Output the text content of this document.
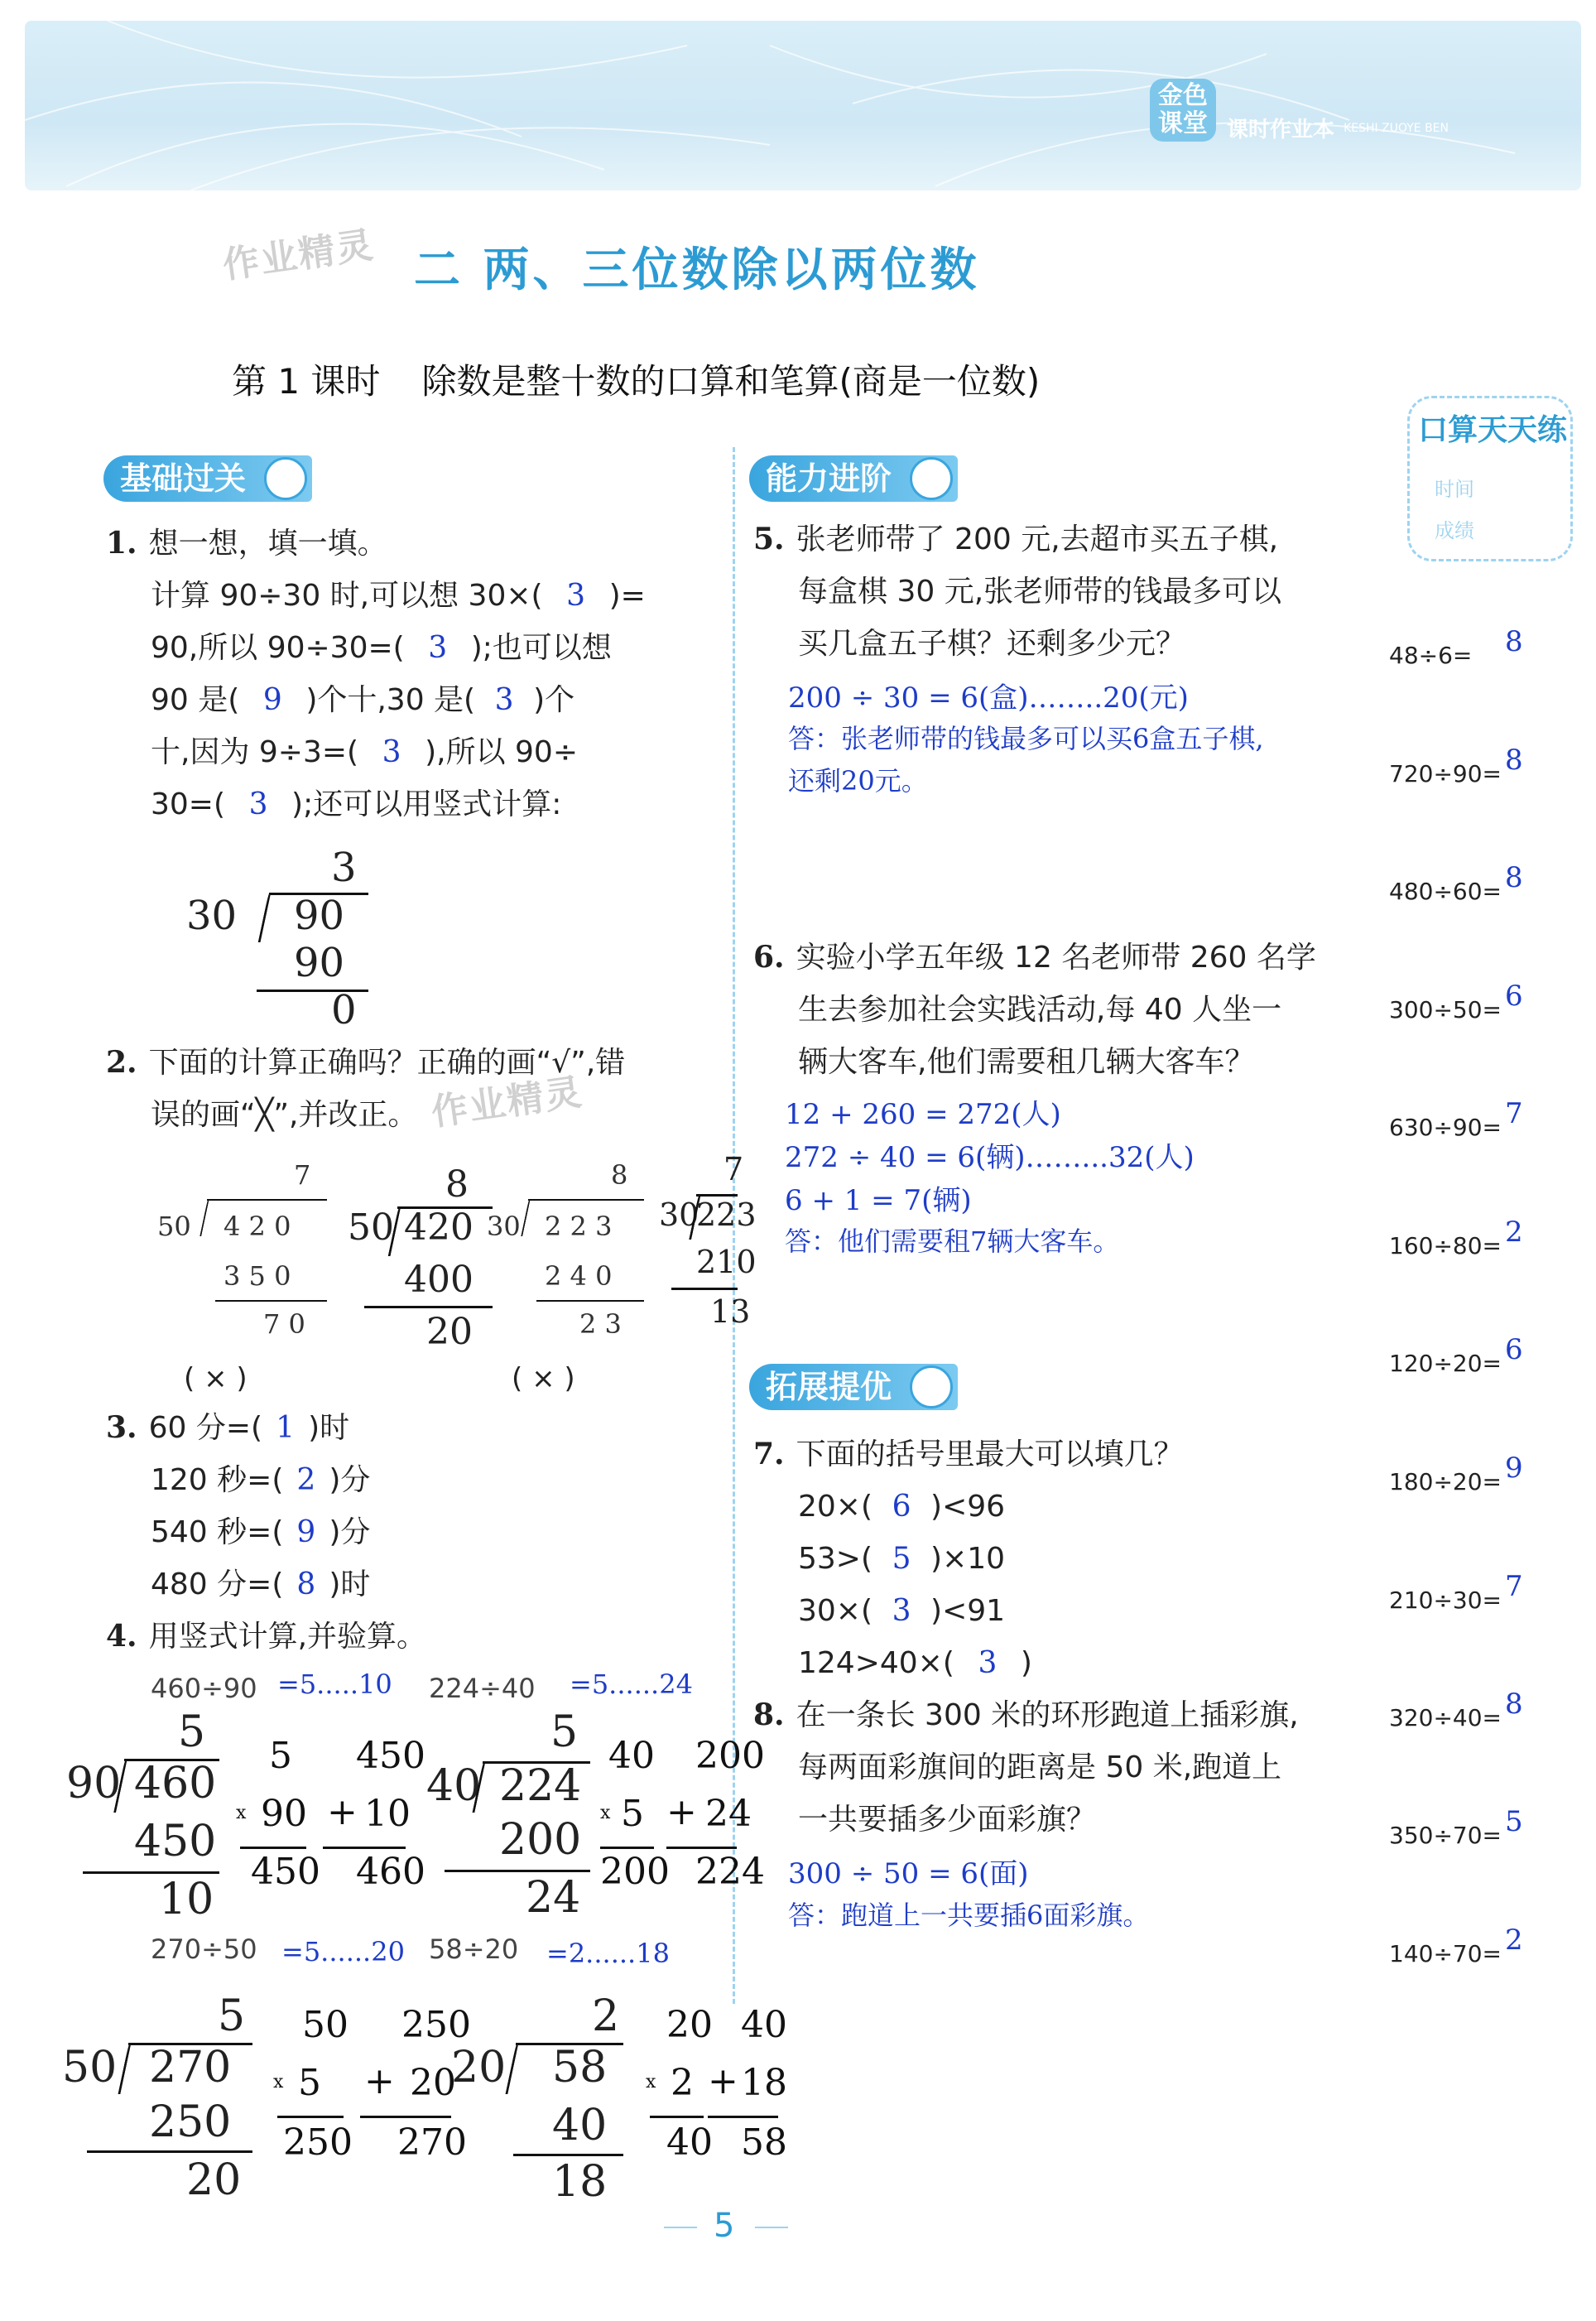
金色
课堂 课时作业本 KESHI ZUOYE BEN
作业精灵
作业精灵
二 两、三位数除以两位数
第 1 课时 除数是整十数的口算和笔算(商是一位数)
口算天天练
时间
成绩
基础过关	能力进阶
拓展提优
1. 想一想，填一填。
计算 90÷30 时,可以想 30×( 3 )=
90,所以 90÷30=( 3 );也可以想
90 是( 9 )个十,30 是( 3 )个
十,因为 9÷3=( 3 ),所以 90÷
30=( 3 );还可以用竖式计算:
3
30 90
90
0
2. 下面的计算正确吗？正确的画“√”,错
误的画“╳”,并改正。
7
50 4 2 0
3 5 0
7 0
( × )
8
50 420
400
20
8
30 2 2 3
2 4 0
2 3
( × )
7
30
223
210
13
3. 60 分=( 1 )时
120 秒=( 2 )分
540 秒=( 9 )分
480 分=( 8 )时
4. 用竖式计算,并验算。
460÷90 =5.....10 224÷40 =5......24
5
90 460
450
10
5
x 90
450
450
+ 10
460
5
40 224
200
24
40
x 5
200
200
+ 24
224
270÷50 =5......20 58÷20 =2......18
5
50 270
250
20
50
x 5
250
250
+ 20
270
2
20 58
40
18
20
x 2
40
40
+ 18
58
5. 张老师带了 200 元,去超市买五子棋,
每盒棋 30 元,张老师带的钱最多可以
买几盒五子棋？还剩多少元？
200 ÷ 30 = 6(盒)……..20(元)
答：张老师带的钱最多可以买6盒五子棋,
还剩20元。
6. 实验小学五年级 12 名老师带 260 名学
生去参加社会实践活动,每 40 人坐一
辆大客车,他们需要租几辆大客车？
12 + 260 = 272(人)
272 ÷ 40 = 6(辆)……...32(人)
6 + 1 = 7(辆)
答：他们需要租7辆大客车。
7. 下面的括号里最大可以填几？
20×( 6 )<96
53>( 5 )×10
30×( 3 )<91
124>40×( 3 )
8. 在一条长 300 米的环形跑道上插彩旗,
每两面彩旗间的距离是 50 米,跑道上
一共要插多少面彩旗？
300 ÷ 50 = 6(面)
答：跑道上一共要插6面彩旗。
48÷6= 8
720÷90= 8
480÷60= 8
300÷50= 6
630÷90= 7
160÷80= 2
120÷20= 6
180÷20= 9
210÷30= 7
320÷40= 8
350÷70= 5
140÷70= 2
5
